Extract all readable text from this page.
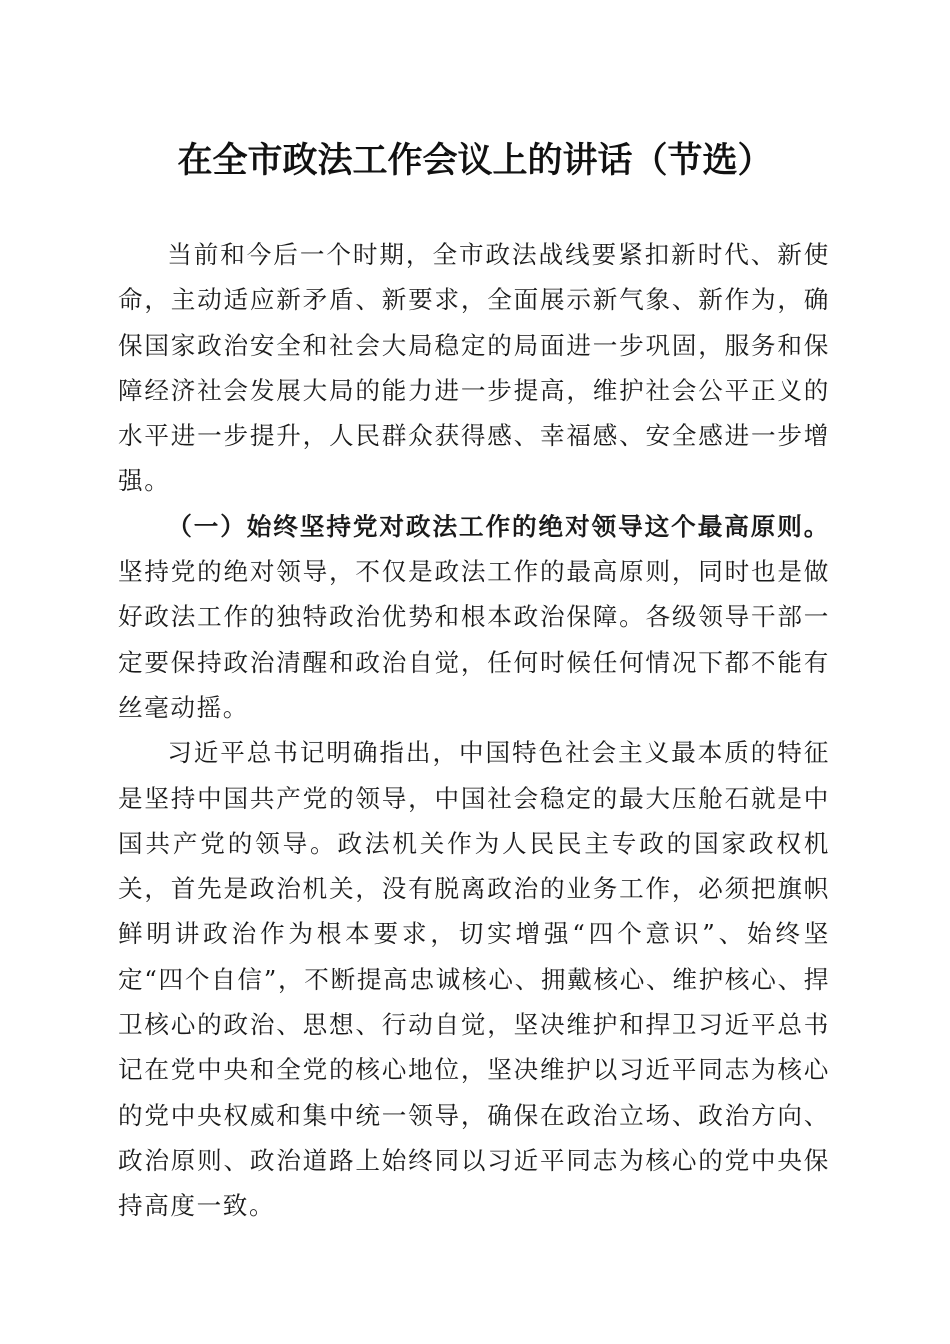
在全市政法工作会议上的讲话（节选）

当前和今后一个时期，全市政法战线要紧扣新时代、新使命，主动适应新矛盾、新要求，全面展示新气象、新作为，确保国家政治安全和社会大局稳定的局面进一步巩固，服务和保障经济社会发展大局的能力进一步提高，维护社会公平正义的水平进一步提升，人民群众获得感、幸福感、安全感进一步增强。

（一）始终坚持党对政法工作的绝对领导这个最高原则。坚持党的绝对领导，不仅是政法工作的最高原则，同时也是做好政法工作的独特政治优势和根本政治保障。各级领导干部一定要保持政治清醒和政治自觉，任何时候任何情况下都不能有丝毫动摇。

习近平总书记明确指出，中国特色社会主义最本质的特征是坚持中国共产党的领导，中国社会稳定的最大压舱石就是中国共产党的领导。政法机关作为人民民主专政的国家政权机关，首先是政治机关，没有脱离政治的业务工作，必须把旗帜鲜明讲政治作为根本要求，切实增强“四个意识”、始终坚定“四个自信”，不断提高忠诚核心、拥戴核心、维护核心、捍卫核心的政治、思想、行动自觉，坚决维护和捍卫习近平总书记在党中央和全党的核心地位，坚决维护以习近平同志为核心的党中央权威和集中统一领导，确保在政治立场、政治方向、政治原则、政治道路上始终同以习近平同志为核心的党中央保持高度一致。
